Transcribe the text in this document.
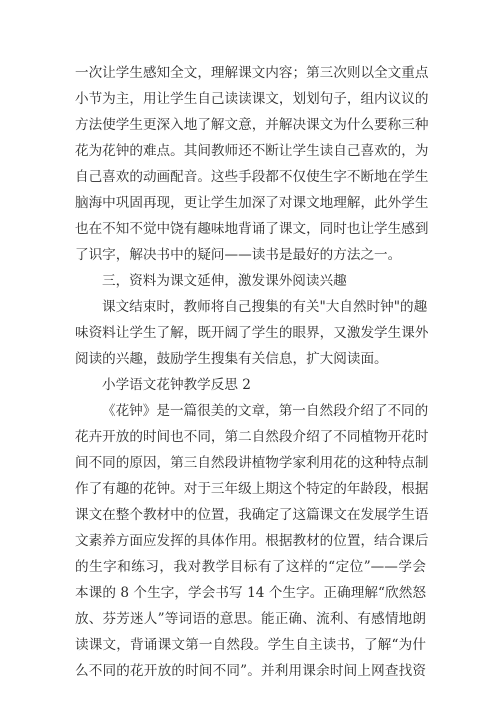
一次让学生感知全文，理解课文内容；第三次则以全文重点
小节为主，用让学生自己读读课文，划划句子，组内议议的
方法使学生更深入地了解文意，并解决课文为什么要称三种
花为花钟的难点。其间教师还不断让学生读自己喜欢的，为
自己喜欢的动画配音。这些手段都不仅使生字不断地在学生
脑海中巩固再现，更让学生加深了对课文地理解，此外学生
也在不知不觉中饶有趣味地背诵了课文，同时也让学生感到
了识字，解决书中的疑问——读书是最好的方法之一。
三，资料为课文延伸，激发课外阅读兴趣
课文结束时，教师将自己搜集的有关"大自然时钟"的趣
味资料让学生了解，既开阔了学生的眼界，又激发学生课外
阅读的兴趣，鼓励学生搜集有关信息，扩大阅读面。
小学语文花钟教学反思 2
《花钟》是一篇很美的文章，第一自然段介绍了不同的
花卉开放的时间也不同，第二自然段介绍了不同植物开花时
间不同的原因，第三自然段讲植物学家利用花的这种特点制
作了有趣的花钟。对于三年级上期这个特定的年龄段，根据
课文在整个教材中的位置，我确定了这篇课文在发展学生语
文素养方面应发挥的具体作用。根据教材的位置，结合课后
的生字和练习，我对教学目标有了这样的“定位”——学会
本课的 8 个生字，学会书写 14 个生字。正确理解“欣然怒
放、芬芳迷人”等词语的意思。能正确、流利、有感情地朗
读课文，背诵课文第一自然段。学生自主读书，了解“为什
么不同的花开放的时间不同”。并利用课余时间上网查找资
